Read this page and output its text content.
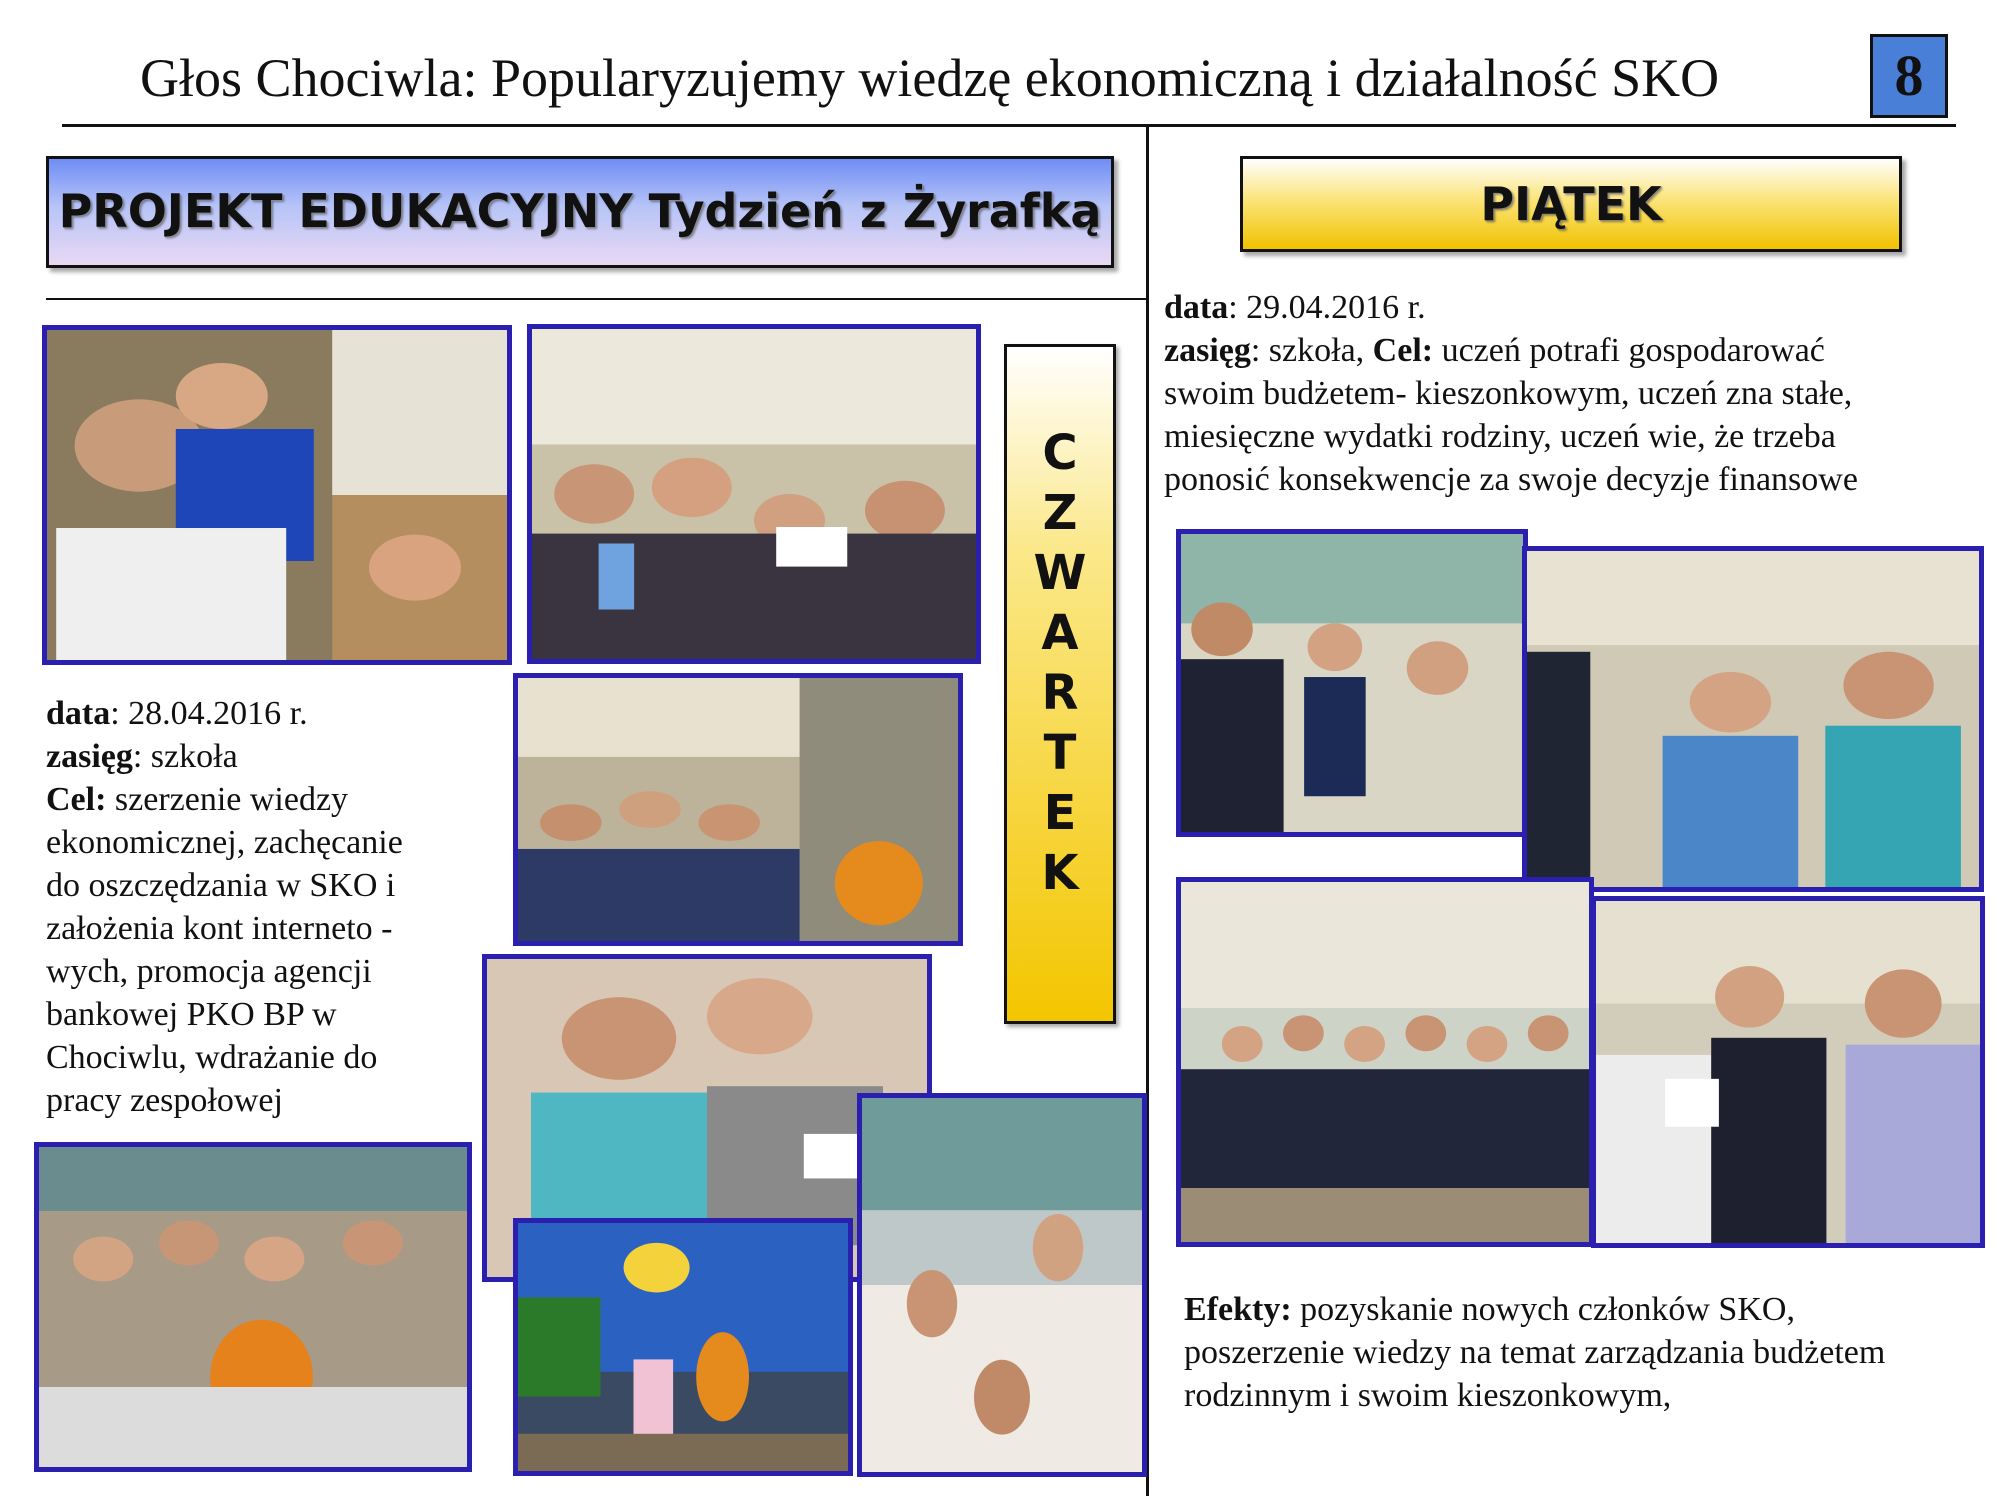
Głos Chociwla: Popularyzujemy wiedzę ekonomiczną i działalność SKO	8
PROJEKT EDUKACYJNY Tydzień z Żyrafką	PIĄTEK
C
Z
W
A
R
T
E
K
data: 28.04.2016 r.
zasięg: szkoła
Cel: szerzenie wiedzy
ekonomicznej, zachęcanie
do oszczędzania w SKO i
założenia kont interneto -
wych, promocja agencji
bankowej PKO BP w
Chociwlu, wdrażanie do
pracy zespołowej
data: 29.04.2016 r.
zasięg: szkoła, Cel: uczeń potrafi gospodarować
swoim budżetem- kieszonkowym, uczeń zna stałe,
miesięczne wydatki rodziny, uczeń wie, że trzeba
ponosić konsekwencje za swoje decyzje finansowe
Efekty: pozyskanie nowych członków SKO,
poszerzenie wiedzy na temat zarządzania budżetem
rodzinnym i swoim kieszonkowym,
